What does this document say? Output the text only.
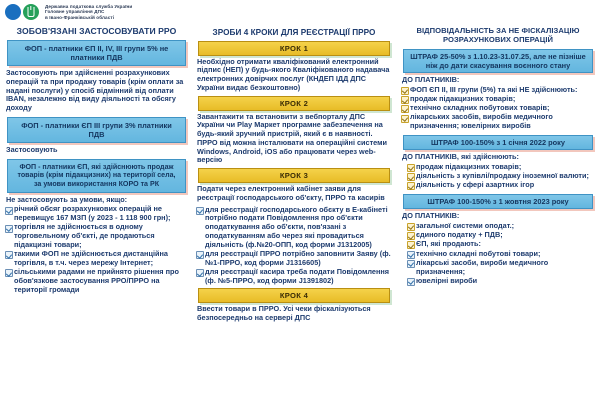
Державна податкова служба України
Головне управління ДПС
в Івано-Франківській області
ЗОБОВ'ЯЗАНІ ЗАСТОСОВУВАТИ РРО
ФОП - платники ЄП II, IV, III групи 5% не платники ПДВ
Застосовують при здійсненні розрахункових операцій та при продажу товарів (крім оплати за надані послуги) у спосіб відмінний від оплати IBAN, незалежно від виду діяльності та обсягу доходу
ФОП - платники ЄП III групи 3% платники ПДВ
Застосовують
ФОП - платники ЄП, які здійснюють продаж товарів (крім підакцизних) на території села, за умови використання КОРО та РК
Не застосовують за умови, якщо:
річний обсяг розрахункових операцій не перевищує 167 МЗП (у 2023 - 1 118 900 грн);
торгівля не здійснюється в одному торговельному об'єкті, де продаються підакцизні товари;
такими ФОП не здійснюється дистанційна торгівля, в т.ч. через мережу Інтернет;
сільськими радами не прийнято рішення про обов'язкове застосування РРО/ПРРО на території громади
ЗРОБИ 4 КРОКИ ДЛЯ РЕЄСТРАЦІЇ ПРРО
КРОК 1
Необхідно отримати кваліфікований електронний підпис (НЕП) у будь-якого Кваліфікованого надавача електронних довірчих послуг (КНДЕП ІДД ДПС України видає безкоштовно)
КРОК 2
Завантажити та встановити з вебпорталу ДПС України чи Play Маркет програмне забезпечення на будь-який зручний пристрій, який є в наявності. ПРРО від можна інсталювати на операційні системи Windows, Android, iOS або працювати через web-версію
КРОК 3
Подати через електронний кабінет заяви для реєстрації господарського об'єкту, ПРРО та касирів
для реєстрації господарського обєкту в Е-кабінеті потрібно подати Повідомлення про об'єкти оподаткування або об'єкти, пов'язані з оподаткуванням або через які провадиться діяльність (ф.№20-ОПП, код форми J1312005)
для реєстрації ПРРО потрібно заповнити Заяву (ф. №1-ПРРО, код форми J1316605)
для реєстрації касира треба подати Повідомлення (ф. №5-ПРРО, код форми J1391802)
КРОК 4
Ввести товари в ПРРО. Усі чеки фіскалізуються безпосередньо на сервері ДПС
ВІДПОВІДАЛЬНІСТЬ ЗА НЕ ФІСКАЛІЗАЦІЮ РОЗРАХУНКОВИХ ОПЕРАЦІЙ
ШТРАФ 25-50% з 1.10.23-31.07.25, але не пізніше ніж до дати скасування воєнного стану
ДО ПЛАТНИКІВ:
ФОП ЄП II, III групи (5%) та які НЕ здійснюють:
продаж підакцизних товарів;
технічно складних побутових товарів;
лікарських засобів, виробів медичного призначення; ювелірних виробів
ШТРАФ 100-150% з 1 січня 2022 року
ДО ПЛАТНИКІВ, які здійснюють:
продаж підакцизних товарів;
діяльність з купівлі/продажу іноземної валюти;
діяльність у сфері азартних ігор
ШТРАФ 100-150% з 1 жовтня 2023 року
ДО ПЛАТНИКІВ:
загальної системи оподат.;
єдиного податку + ПДВ;
ЄП, які продають:
технічно складні побутові товари;
лікарські засоби, вироби медичного призначення;
ювелірні вироби
